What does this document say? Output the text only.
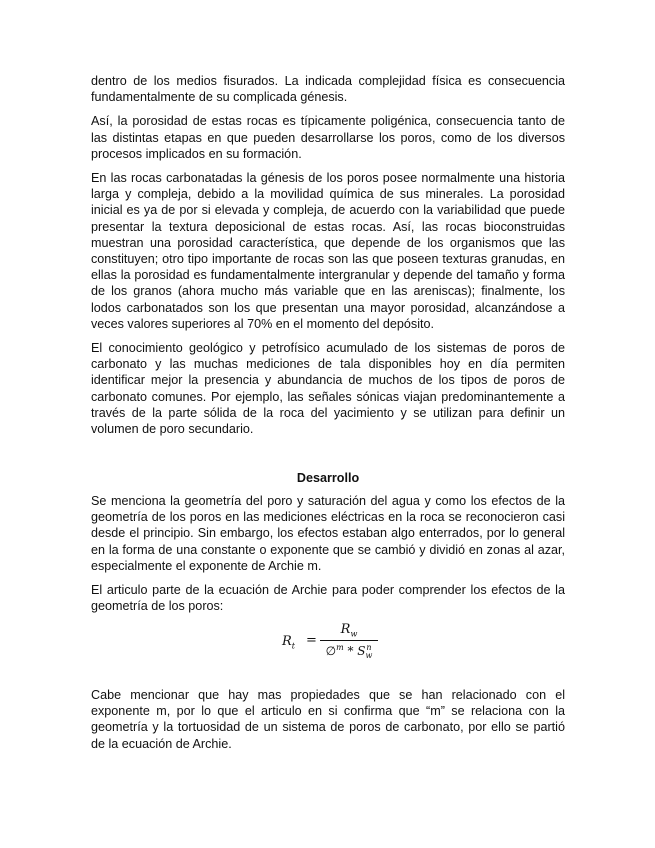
dentro de los medios fisurados. La indicada complejidad física es consecuencia fundamentalmente de su complicada génesis.

Así, la porosidad de estas rocas es típicamente poligénica, consecuencia tanto de las distintas etapas en que pueden desarrollarse los poros, como de los diversos procesos implicados en su formación.

En las rocas carbonatadas la génesis de los poros posee normalmente una historia larga y compleja, debido a la movilidad química de sus minerales. La porosidad inicial es ya de por si elevada y compleja, de acuerdo con la variabilidad que puede presentar la textura deposicional de estas rocas. Así, las rocas bioconstruidas muestran una porosidad característica, que depende de los organismos que las constituyen; otro tipo importante de rocas son las que poseen texturas granudas, en ellas la porosidad es fundamentalmente intergranular y depende del tamaño y forma de los granos (ahora mucho más variable que en las areniscas); finalmente, los lodos carbonatados son los que presentan una mayor porosidad, alcanzándose a veces valores superiores al 70% en el momento del depósito.

El conocimiento geológico y petrofísico acumulado de los sistemas de poros de carbonato y las muchas mediciones de tala disponibles hoy en día permiten identificar mejor la presencia y abundancia de muchos de los tipos de poros de carbonato comunes. Por ejemplo, las señales sónicas viajan predominantemente a través de la parte sólida de la roca del yacimiento y se utilizan para definir un volumen de poro secundario.

Desarrollo

Se menciona la geometría del poro y saturación del agua y como los efectos de la geometría de los poros en las mediciones eléctricas en la roca se reconocieron casi desde el principio. Sin embargo, los efectos estaban algo enterrados, por lo general en la forma de una constante o exponente que se cambió y dividió en zonas al azar, especialmente el exponente de Archie m.

El articulo parte de la ecuación de Archie para poder comprender los efectos de la geometría de los poros:

$R_t$ =
$R_w$
∅$^m$ * S n
w

Cabe mencionar que hay mas propiedades que se han relacionado con el exponente m, por lo que el articulo en si confirma que “m” se relaciona con la geometría y la tortuosidad de un sistema de poros de carbonato, por ello se partió de la ecuación de Archie.
